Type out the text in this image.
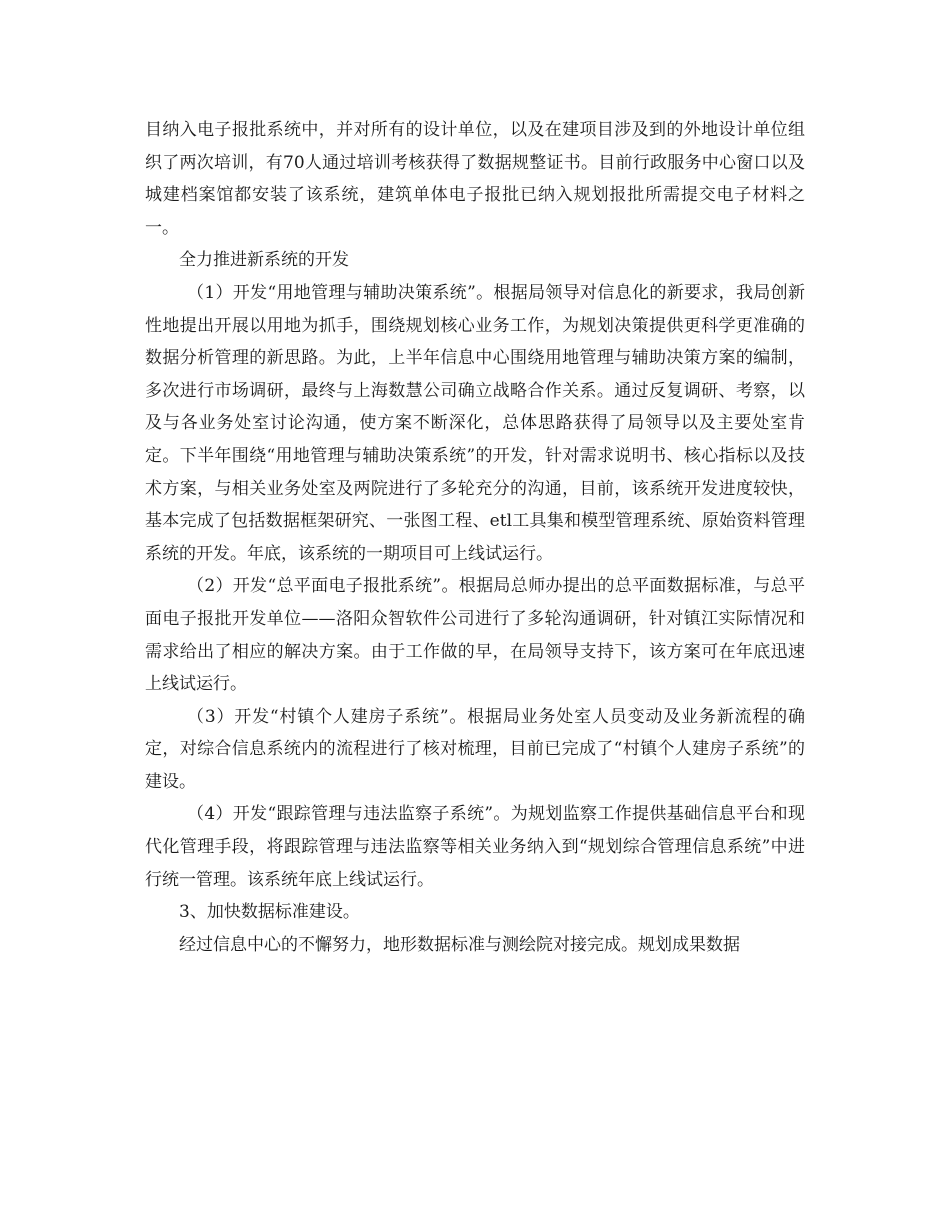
目纳入电子报批系统中，并对所有的设计单位，以及在建项目涉及到的外地设计单位组织了两次培训，有70人通过培训考核获得了数据规整证书。目前行政服务中心窗口以及城建档案馆都安装了该系统，建筑单体电子报批已纳入规划报批所需提交电子材料之一。

全力推进新系统的开发

（1）开发“用地管理与辅助决策系统”。根据局领导对信息化的新要求，我局创新性地提出开展以用地为抓手，围绕规划核心业务工作，为规划决策提供更科学更准确的数据分析管理的新思路。为此，上半年信息中心围绕用地管理与辅助决策方案的编制，多次进行市场调研，最终与上海数慧公司确立战略合作关系。通过反复调研、考察，以及与各业务处室讨论沟通，使方案不断深化，总体思路获得了局领导以及主要处室肯定。下半年围绕“用地管理与辅助决策系统”的开发，针对需求说明书、核心指标以及技术方案，与相关业务处室及两院进行了多轮充分的沟通，目前，该系统开发进度较快，基本完成了包括数据框架研究、一张图工程、etl工具集和模型管理系统、原始资料管理系统的开发。年底，该系统的一期项目可上线试运行。

（2）开发“总平面电子报批系统”。根据局总师办提出的总平面数据标准，与总平面电子报批开发单位——洛阳众智软件公司进行了多轮沟通调研，针对镇江实际情况和需求给出了相应的解决方案。由于工作做的早，在局领导支持下，该方案可在年底迅速上线试运行。

（3）开发“村镇个人建房子系统”。根据局业务处室人员变动及业务新流程的确定，对综合信息系统内的流程进行了核对梳理，目前已完成了“村镇个人建房子系统”的建设。

（4）开发“跟踪管理与违法监察子系统”。为规划监察工作提供基础信息平台和现代化管理手段，将跟踪管理与违法监察等相关业务纳入到“规划综合管理信息系统”中进行统一管理。该系统年底上线试运行。

3、加快数据标准建设。

经过信息中心的不懈努力，地形数据标准与测绘院对接完成。规划成果数据
